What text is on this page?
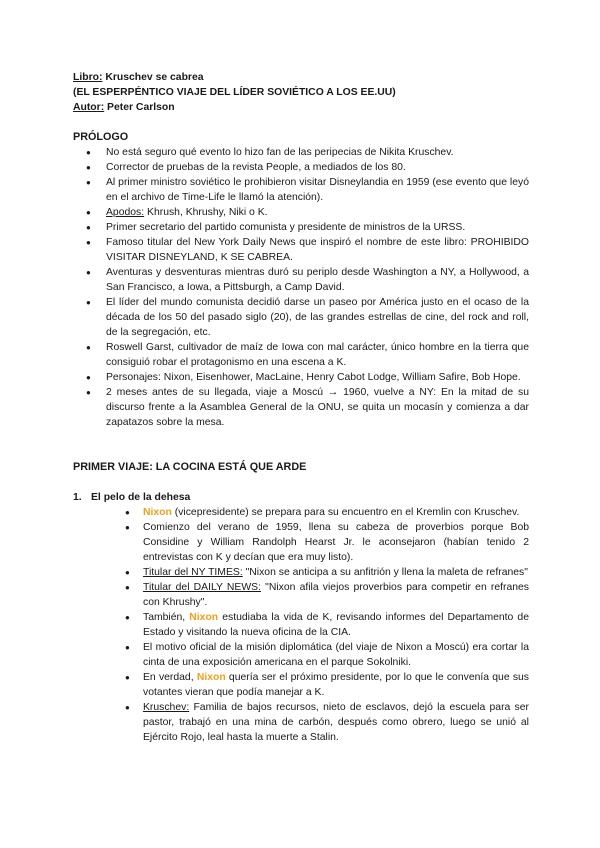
Libro: Kruschev se cabrea
(EL ESPERPÉNTICO VIAJE DEL LÍDER SOVIÉTICO A LOS EE.UU)
Autor: Peter Carlson
PRÓLOGO
● No está seguro qué evento lo hizo fan de las peripecias de Nikita Kruschev.
● Corrector de pruebas de la revista People, a mediados de los 80.
● Al primer ministro soviético le prohibieron visitar Disneylandia en 1959 (ese evento que leyó en el archivo de Time-Life le llamó la atención).
● Apodos: Khrush, Khrushy, Niki o K.
● Primer secretario del partido comunista y presidente de ministros de la URSS.
● Famoso titular del New York Daily News que inspiró el nombre de este libro: PROHIBIDO VISITAR DISNEYLAND, K SE CABREA.
● Aventuras y desventuras mientras duró su periplo desde Washington a NY, a Hollywood, a San Francisco, a Iowa, a Pittsburgh, a Camp David.
● El líder del mundo comunista decidió darse un paseo por América justo en el ocaso de la década de los 50 del pasado siglo (20), de las grandes estrellas de cine, del rock and roll, de la segregación, etc.
● Roswell Garst, cultivador de maíz de Iowa con mal carácter, único hombre en la tierra que consiguió robar el protagonismo en una escena a K.
● Personajes: Nixon, Eisenhower, MacLaine, Henry Cabot Lodge, William Safire, Bob Hope.
● 2 meses antes de su llegada, viaje a Moscú → 1960, vuelve a NY: En la mitad de su discurso frente a la Asamblea General de la ONU, se quita un mocasín y comienza a dar zapatazos sobre la mesa.
PRIMER VIAJE: LA COCINA ESTÁ QUE ARDE
1. El pelo de la dehesa
● Nixon (vicepresidente) se prepara para su encuentro en el Kremlin con Kruschev.
● Comienzo del verano de 1959, llena su cabeza de proverbios porque Bob Considine y William Randolph Hearst Jr. le aconsejaron (habían tenido 2 entrevistas con K y decían que era muy listo).
● Titular del NY TIMES: "Nixon se anticipa a su anfitrión y llena la maleta de refranes"
● Titular del DAILY NEWS: "Nixon afila viejos proverbios para competir en refranes con Khrushy".
● También, Nixon estudiaba la vida de K, revisando informes del Departamento de Estado y visitando la nueva oficina de la CIA.
● El motivo oficial de la misión diplomática (del viaje de Nixon a Moscú) era cortar la cinta de una exposición americana en el parque Sokolniki.
● En verdad, Nixon quería ser el próximo presidente, por lo que le convenía que sus votantes vieran que podía manejar a K.
● Kruschev: Familia de bajos recursos, nieto de esclavos, dejó la escuela para ser pastor, trabajó en una mina de carbón, después como obrero, luego se unió al Ejército Rojo, leal hasta la muerte a Stalin.
